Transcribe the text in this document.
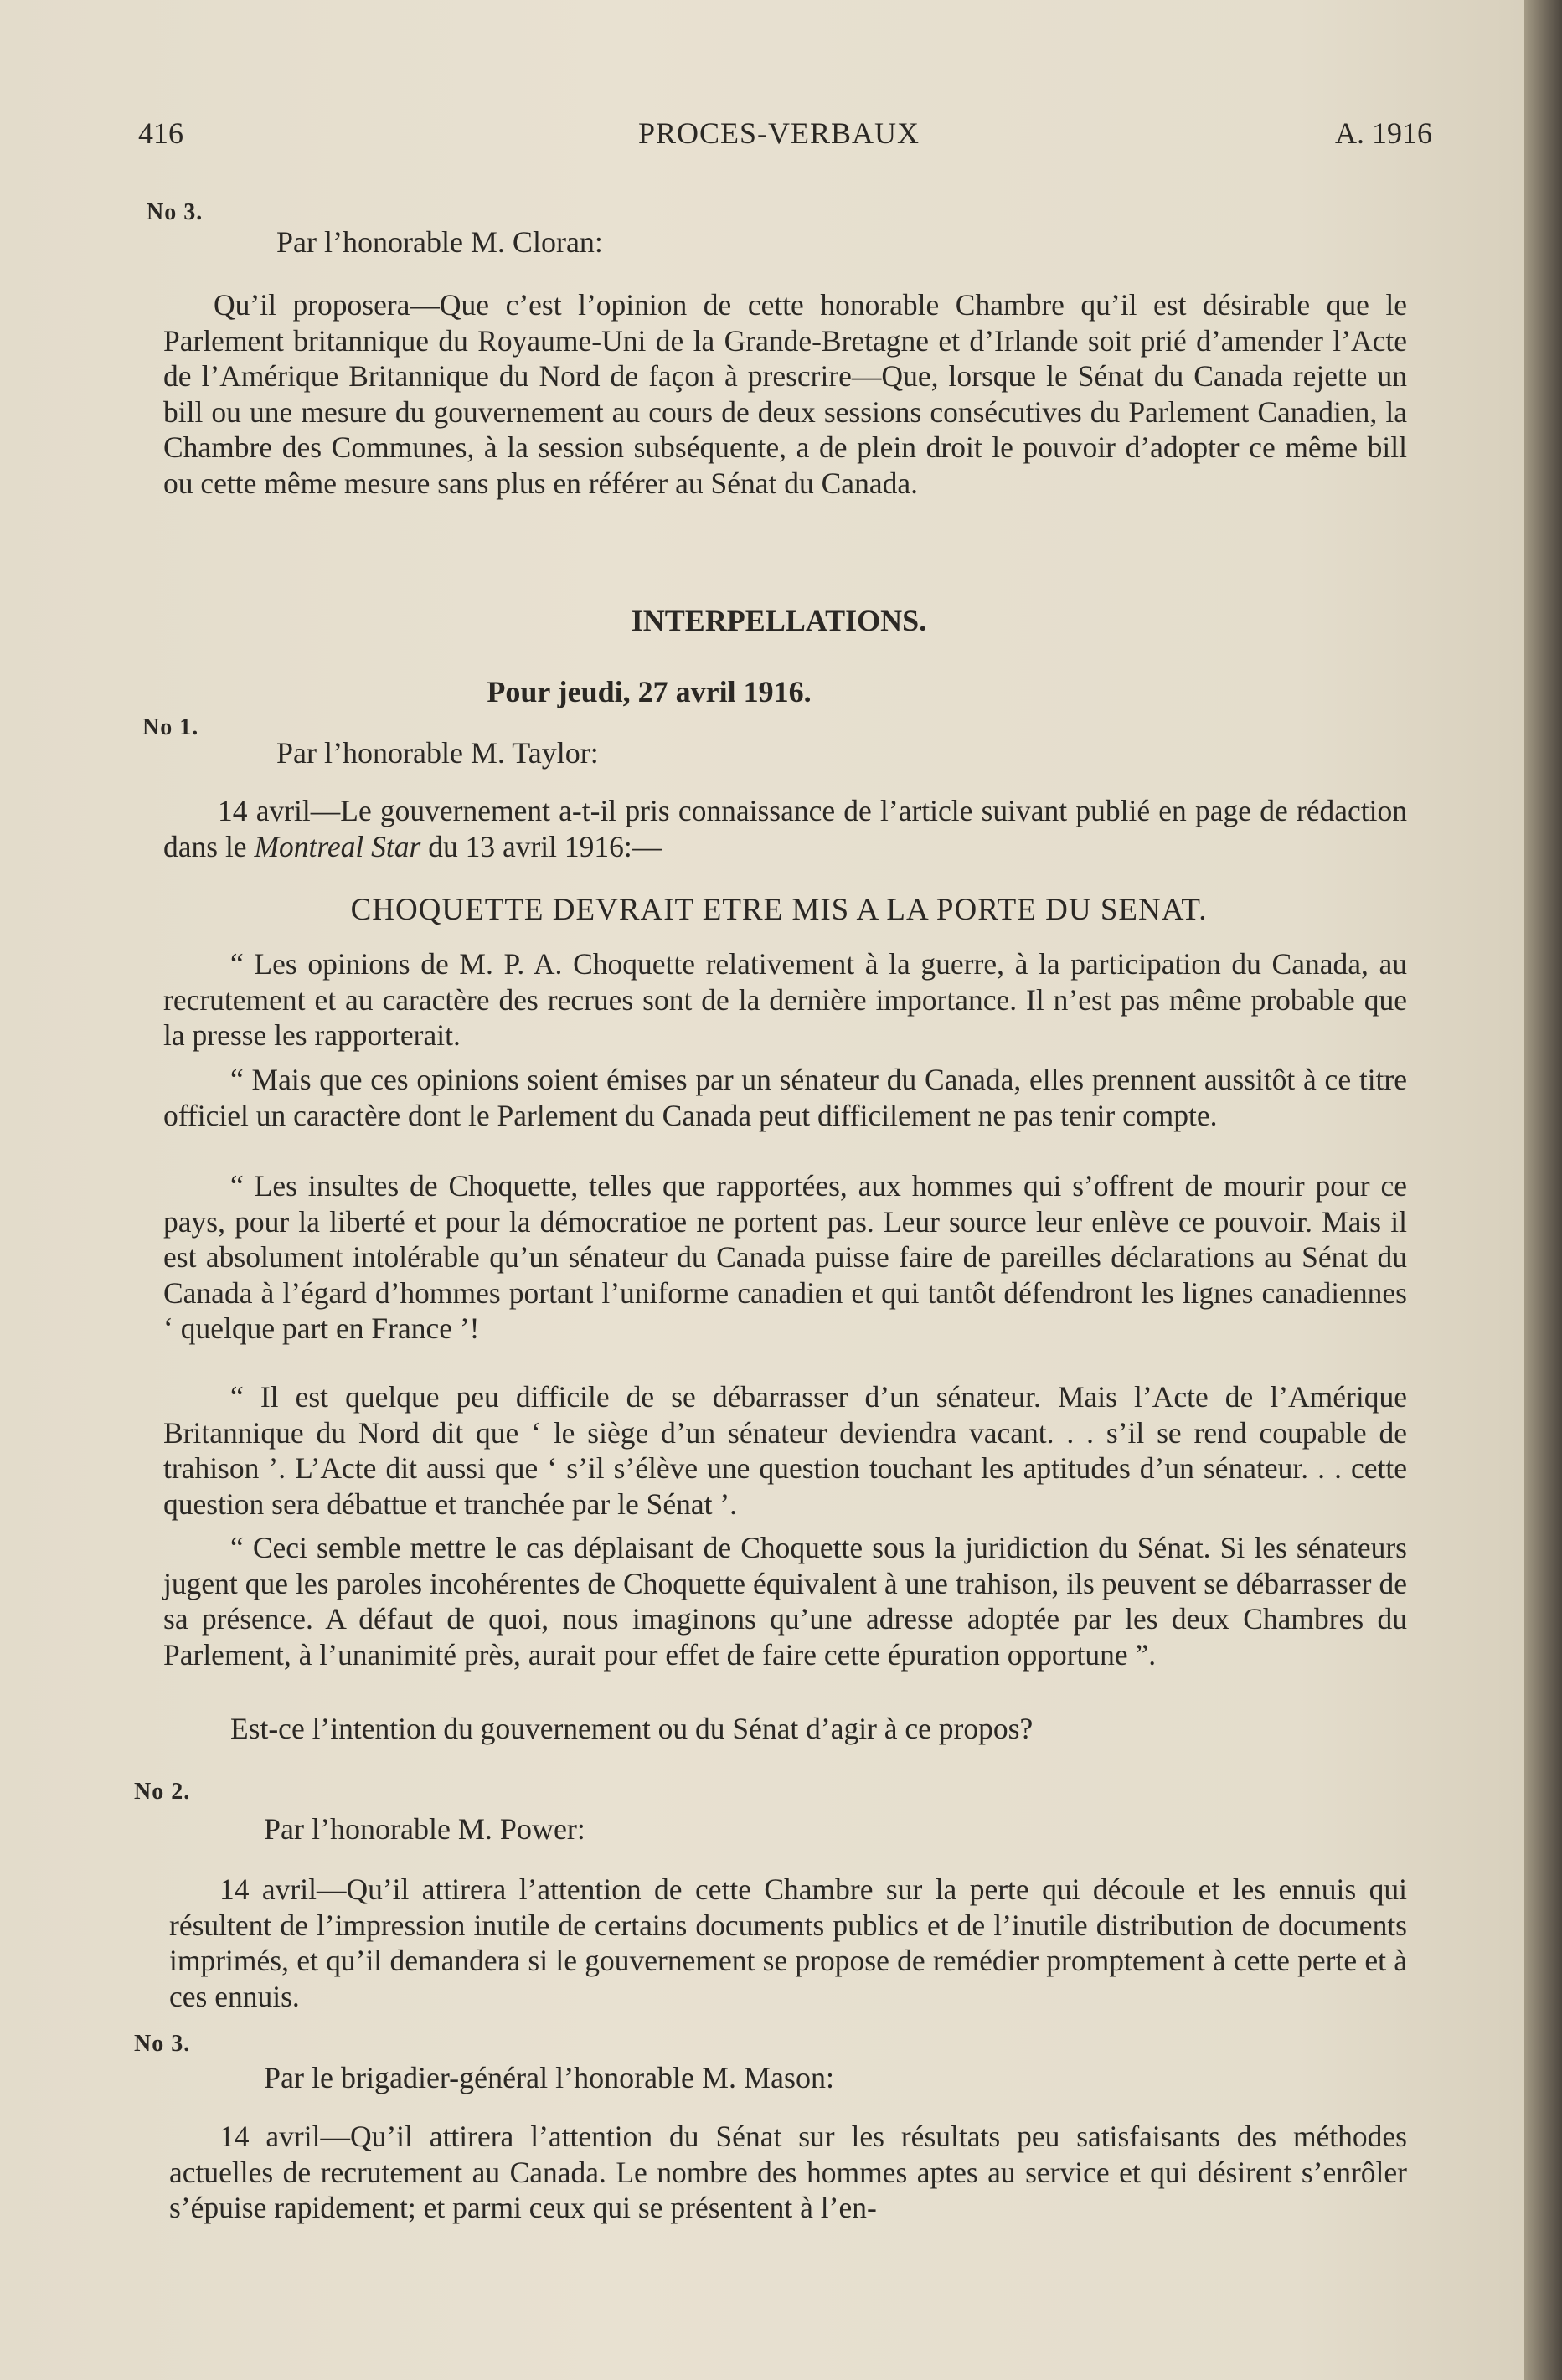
416	PROCES-VERBAUX	A. 1916
No 3.
Par l’honorable M. Cloran:

Qu’il proposera—Que c’est l’opinion de cette honorable Chambre qu’il est désirable que le Parlement britannique du Royaume-Uni de la Grande-Bretagne et d’Irlande soit prié d’amender l’Acte de l’Amérique Britannique du Nord de façon à prescrire—Que, lorsque le Sénat du Canada rejette un bill ou une mesure du gouvernement au cours de deux sessions consécutives du Parlement Canadien, la Chambre des Communes, à la session subséquente, a de plein droit le pouvoir d’adopter ce même bill ou cette même mesure sans plus en référer au Sénat du Canada.

INTERPELLATIONS.
Pour jeudi, 27 avril 1916.
No 1.
Par l’honorable M. Taylor:

14 avril—Le gouvernement a-t-il pris connaissance de l’article suivant publié en page de rédaction dans le Montreal Star du 13 avril 1916:—

CHOQUETTE DEVRAIT ETRE MIS A LA PORTE DU SENAT.

“ Les opinions de M. P. A. Choquette relativement à la guerre, à la participation du Canada, au recrutement et au caractère des recrues sont de la dernière importance. Il n’est pas même probable que la presse les rapporterait.

“ Mais que ces opinions soient émises par un sénateur du Canada, elles prennent aussitôt à ce titre officiel un caractère dont le Parlement du Canada peut difficilement ne pas tenir compte.

“ Les insultes de Choquette, telles que rapportées, aux hommes qui s’offrent de mourir pour ce pays, pour la liberté et pour la démocratioe ne portent pas. Leur source leur enlève ce pouvoir. Mais il est absolument intolérable qu’un sénateur du Canada puisse faire de pareilles déclarations au Sénat du Canada à l’égard d’hommes portant l’uniforme canadien et qui tantôt défendront les lignes canadiennes ‘ quelque part en France ’!

“ Il est quelque peu difficile de se débarrasser d’un sénateur. Mais l’Acte de l’Amérique Britannique du Nord dit que ‘ le siège d’un sénateur deviendra vacant. . . s’il se rend coupable de trahison ’. L’Acte dit aussi que ‘ s’il s’élève une question touchant les aptitudes d’un sénateur. . . cette question sera débattue et tranchée par le Sénat ’.

“ Ceci semble mettre le cas déplaisant de Choquette sous la juridiction du Sénat. Si les sénateurs jugent que les paroles incohérentes de Choquette équivalent à une trahison, ils peuvent se débarrasser de sa présence. A défaut de quoi, nous imaginons qu’une adresse adoptée par les deux Chambres du Parlement, à l’unanimité près, aurait pour effet de faire cette épuration opportune ”.

Est-ce l’intention du gouvernement ou du Sénat d’agir à ce propos?

No 2.
Par l’honorable M. Power:

14 avril—Qu’il attirera l’attention de cette Chambre sur la perte qui découle et les ennuis qui résultent de l’impression inutile de certains documents publics et de l’inutile distribution de documents imprimés, et qu’il demandera si le gouvernement se propose de remédier promptement à cette perte et à ces ennuis.

No 3.
Par le brigadier-général l’honorable M. Mason:

14 avril—Qu’il attirera l’attention du Sénat sur les résultats peu satisfaisants des méthodes actuelles de recrutement au Canada. Le nombre des hommes aptes au service et qui désirent s’enrôler s’épuise rapidement; et parmi ceux qui se présentent à l’en-
